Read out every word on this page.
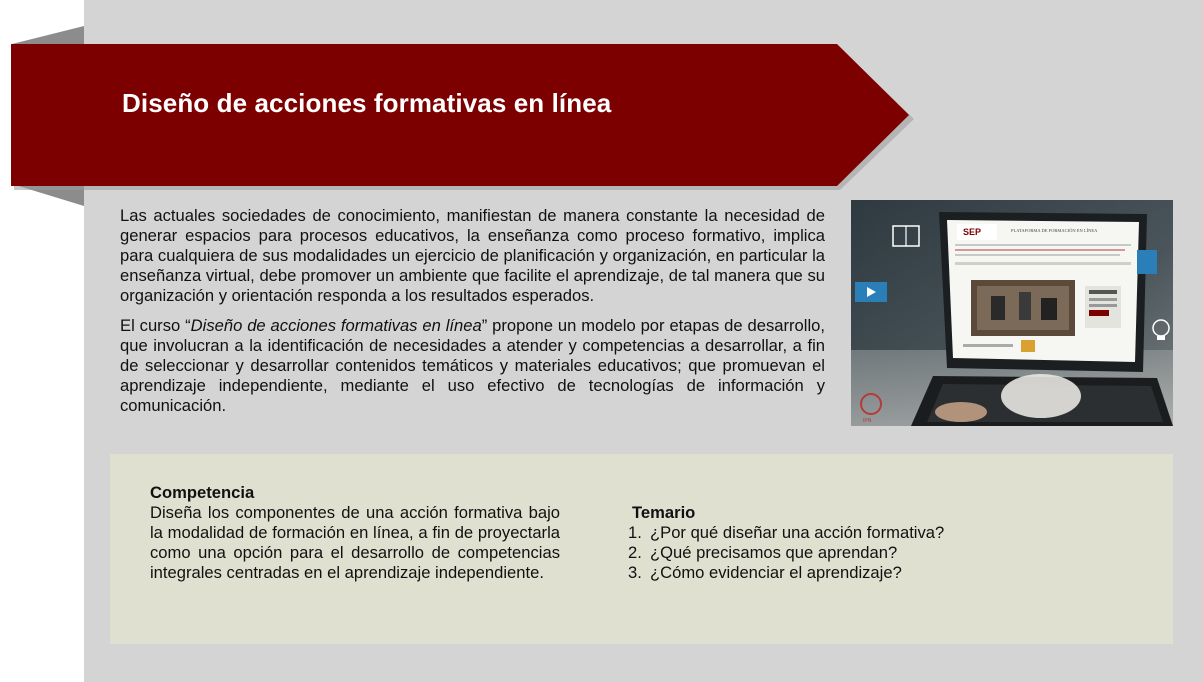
Diseño de acciones formativas en línea

Las actuales sociedades de conocimiento, manifiestan de manera constante la necesidad de generar espacios para procesos educativos, la enseñanza como proceso formativo, implica para cualquiera de sus modalidades un ejercicio de planificación y organización, en particular la enseñanza virtual, debe promover un ambiente que facilite el aprendizaje, de tal manera que su organización y orientación responda a los resultados esperados.

El curso “Diseño de acciones formativas en línea” propone un modelo por etapas de desarrollo, que involucran a la identificación de necesidades a atender y competencias a desarrollar, a fin de seleccionar y desarrollar contenidos temáticos y materiales educativos; que promuevan el aprendizaje independiente, mediante el uso efectivo de tecnologías de información y comunicación.

SEP	PLATAFORMA DE FORMACIÓN EN LÍNEA
IPN
Competencia

Diseña los componentes de una acción formativa bajo la modalidad de formación en línea, a fin de proyectarla como una opción para el desarrollo de competencias integrales centradas en el aprendizaje independiente.

Temario
1. ¿Por qué diseñar una acción formativa?
2. ¿Qué precisamos que aprendan?
3. ¿Cómo evidenciar el aprendizaje?
